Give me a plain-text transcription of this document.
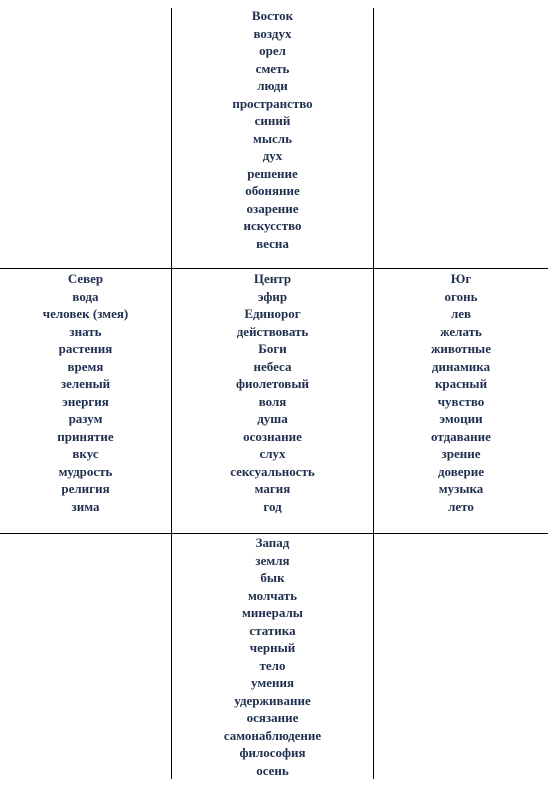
Восток
воздух
орел
сметь
люди
пространство
синий
мысль
дух
решение
обоняние
озарение
искусство
весна
Север
вода
человек (змея)
знать
растения
время
зеленый
энергия
разум
принятие
вкус
мудрость
религия
зима
Центр
эфир
Единорог
действовать
Боги
небеса
фиолетовый
воля
душа
осознание
слух
сексуальность
магия
год
Юг
огонь
лев
желать
животные
динамика
красный
чувство
эмоции
отдавание
зрение
доверие
музыка
лето
Запад
земля
бык
молчать
минералы
статика
черный
тело
умения
удерживание
осязание
самонаблюдение
философия
осень
